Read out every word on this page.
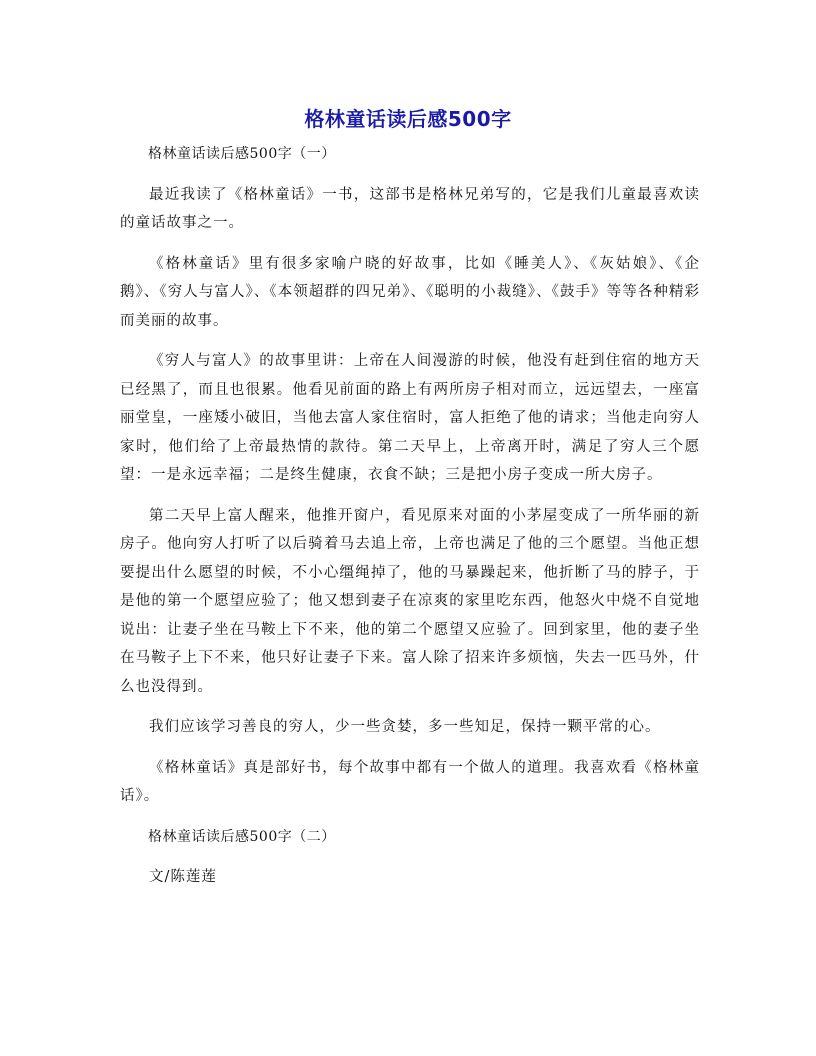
格林童话读后感500字

格林童话读后感500字（一）

最近我读了《格林童话》一书，这部书是格林兄弟写的，它是我们儿童最喜欢读的童话故事之一。

《格林童话》里有很多家喻户晓的好故事，比如《睡美人》、《灰姑娘》、《企鹅》、《穷人与富人》、《本领超群的四兄弟》、《聪明的小裁缝》、《鼓手》等等各种精彩而美丽的故事。

《穷人与富人》的故事里讲：上帝在人间漫游的时候，他没有赶到住宿的地方天已经黑了，而且也很累。他看见前面的路上有两所房子相对而立，远远望去，一座富丽堂皇，一座矮小破旧，当他去富人家住宿时，富人拒绝了他的请求；当他走向穷人家时，他们给了上帝最热情的款待。第二天早上，上帝离开时，满足了穷人三个愿望：一是永远幸福；二是终生健康，衣食不缺；三是把小房子变成一所大房子。

第二天早上富人醒来，他推开窗户，看见原来对面的小茅屋变成了一所华丽的新房子。他向穷人打听了以后骑着马去追上帝，上帝也满足了他的三个愿望。当他正想要提出什么愿望的时候，不小心缰绳掉了，他的马暴躁起来，他折断了马的脖子，于是他的第一个愿望应验了；他又想到妻子在凉爽的家里吃东西，他怒火中烧不自觉地说出：让妻子坐在马鞍上下不来，他的第二个愿望又应验了。回到家里，他的妻子坐在马鞍子上下不来，他只好让妻子下来。富人除了招来许多烦恼，失去一匹马外，什么也没得到。

我们应该学习善良的穷人，少一些贪婪，多一些知足，保持一颗平常的心。

《格林童话》真是部好书，每个故事中都有一个做人的道理。我喜欢看《格林童话》。

格林童话读后感500字（二）

文/陈莲莲
